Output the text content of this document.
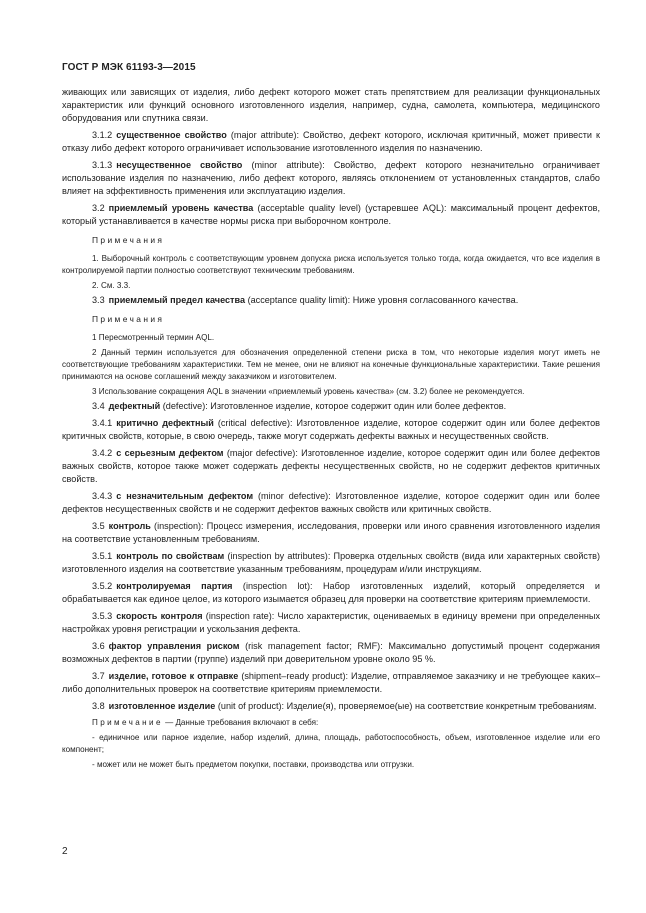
ГОСТ Р МЭК 61193-3—2015

живающих или зависящих от изделия, либо дефект которого может стать препятствием для реализации функциональных характеристик или функций основного изготовленного изделия, например, судна, самолета, компьютера, медицинского оборудования или спутника связи.

3.1.2 существенное свойство (major attribute): Свойство, дефект которого, исключая критичный, может привести к отказу либо дефект которого ограничивает использование изготовленного изделия по назначению.

3.1.3 несущественное свойство (minor attribute): Свойство, дефект которого незначительно ограничивает использование изделия по назначению, либо дефект которого, являясь отклонением от установленных стандартов, слабо влияет на эффективность применения или эксплуатацию изделия.

3.2 приемлемый уровень качества (acceptable quality level) (устаревшее AQL): максимальный процент дефектов, который устанавливается в качестве нормы риска при выборочном контроле.

Примечания

1. Выборочный контроль с соответствующим уровнем допуска риска используется только тогда, когда ожидается, что все изделия в контролируемой партии полностью соответствуют техническим требованиям.

2. См. 3.3.

3.3 приемлемый предел качества (acceptance quality limit): Ниже уровня согласованного качества.

Примечания

1 Пересмотренный термин AQL.

2 Данный термин используется для обозначения определенной степени риска в том, что некоторые изделия могут иметь не соответствующие требованиям характеристики. Тем не менее, они не влияют на конечные функциональные характеристики. Такие решения принимаются на основе соглашений между заказчиком и изготовителем.

3 Использование сокращения AQL в значении «приемлемый уровень качества» (см. 3.2) более не рекомендуется.

3.4 дефектный (defective): Изготовленное изделие, которое содержит один или более дефектов.

3.4.1 критично дефектный (critical defective): Изготовленное изделие, которое содержит один или более дефектов критичных свойств, которые, в свою очередь, также могут содержать дефекты важных и несущественных свойств.

3.4.2 с серьезным дефектом (major defective): Изготовленное изделие, которое содержит один или более дефектов важных свойств, которое также может содержать дефекты несущественных свойств, но не содержит дефектов критичных свойств.

3.4.3 с незначительным дефектом (minor defective): Изготовленное изделие, которое содержит один или более дефектов несущественных свойств и не содержит дефектов важных свойств или критичных свойств.

3.5 контроль (inspection): Процесс измерения, исследования, проверки или иного сравнения изготовленного изделия на соответствие установленным требованиям.

3.5.1 контроль по свойствам (inspection by attributes): Проверка отдельных свойств (вида или характерных свойств) изготовленного изделия на соответствие указанным требованиям, процедурам и/или инструкциям.

3.5.2 контролируемая партия (inspection lot): Набор изготовленных изделий, который определяется и обрабатывается как единое целое, из которого изымается образец для проверки на соответствие критериям приемлемости.

3.5.3 скорость контроля (inspection rate): Число характеристик, оцениваемых в единицу времени при определенных настройках уровня регистрации и ускользания дефекта.

3.6 фактор управления риском (risk management factor; RMF): Максимально допустимый процент содержания возможных дефектов в партии (группе) изделий при доверительном уровне около 95 %.

3.7 изделие, готовое к отправке (shipment–ready product): Изделие, отправляемое заказчику и не требующее каких–либо дополнительных проверок на соответствие критериям приемлемости.

3.8 изготовленное изделие (unit of product): Изделие(я), проверяемое(ые) на соответствие конкретным требованиям.

Примечание — Данные требования включают в себя:

- единичное или парное изделие, набор изделий, длина, площадь, работоспособность, объем, изготовленное изделие или его компонент;

- может или не может быть предметом покупки, поставки, производства или отгрузки.

2
